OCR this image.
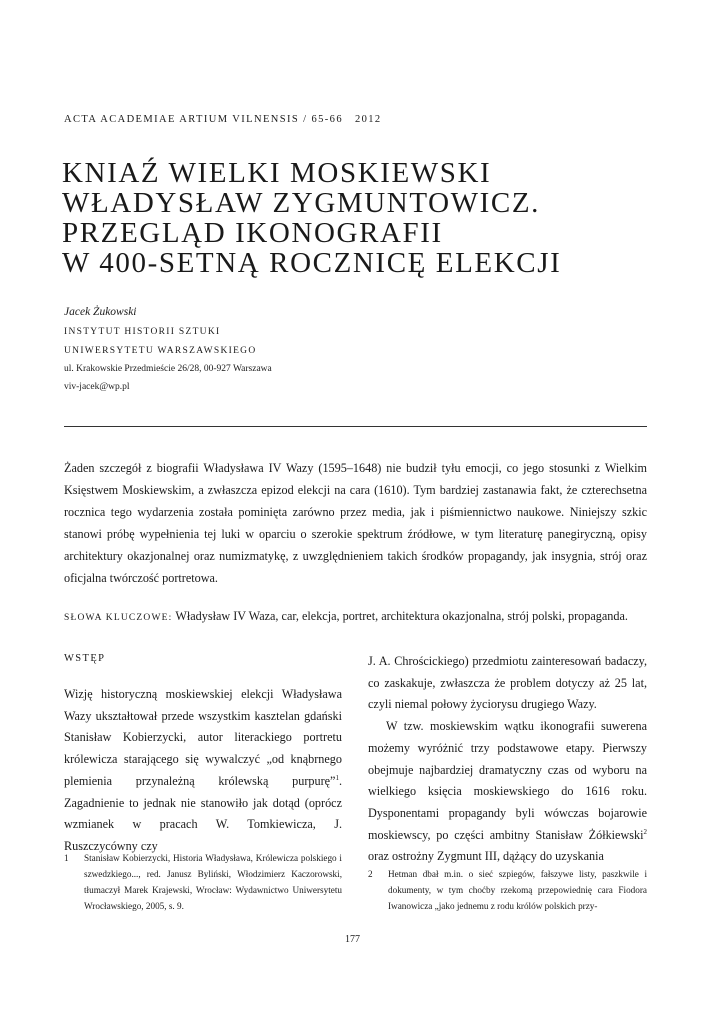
ACTA ACADEMIAE ARTIUM VILNENSIS / 65-66 2012
KNIAŹ WIELKI MOSKIEWSKI
WŁADYSŁAW ZYGMUNTOWICZ.
PRZEGLĄD IKONOGRAFII
W 400-SETNĄ ROCZNICĘ ELEKCJI
Jacek Żukowski
INSTYTUT HISTORII SZTUKI
UNIWERSYTETU WARSZAWSKIEGO
ul. Krakowskie Przedmieście 26/28, 00-927 Warszawa
viv-jacek@wp.pl

Żaden szczegół z biografii Władysława IV Wazy (1595–1648) nie budził tyłu emocji, co jego stosunki z Wielkim Księstwem Moskiewskim, a zwłaszcza epizod elekcji na cara (1610). Tym bardziej zastanawia fakt, że czterechsetna rocznica tego wydarzenia została pominięta zarówno przez media, jak i piśmiennictwo naukowe. Niniejszy szkic stanowi próbę wypełnienia tej luki w oparciu o szerokie spektrum źródłowe, w tym literaturę panegiryczną, opisy architektury okazjonalnej oraz numizmatykę, z uwzględnieniem takich środków propagandy, jak insygnia, strój oraz oficjalna twórczość portretowa.

SŁOWA KLUCZOWE: Władysław IV Waza, car, elekcja, portret, architektura okazjonalna, strój polski, propaganda.
WSTĘP

Wizję historyczną moskiewskiej elekcji Władysława Wazy ukształtował przede wszystkim kasztelan gdański Stanisław Kobierzycki, autor literackiego portretu królewicza starającego się wywalczyć „od knąbrnego plemienia przynależną królewską purpurę”$^1$. Zagadnienie to jednak nie stanowiło jak dotąd (oprócz wzmianek w pracach W. Tomkiewicza, J. Ruszczycówny czy

J. A. Chrościckiego) przedmiotu zainteresowań badaczy, co zaskakuje, zwłaszcza że problem dotyczy aż 25 lat, czyli niemal połowy życiorysu drugiego Wazy.

W tzw. moskiewskim wątku ikonografii suwerena możemy wyróżnić trzy podstawowe etapy. Pierwszy obejmuje najbardziej dramatyczny czas od wyboru na wielkiego księcia moskiewskiego do 1616 roku. Dysponentami propagandy byli wówczas bojarowie moskiewscy, po części ambitny Stanisław Żółkiewski$^2$ oraz ostrożny Zygmunt III, dążący do uzyskania

1 Stanisław Kobierzycki, Historia Władysława, Królewicza polskiego i szwedzkiego..., red. Janusz Byliński, Włodzimierz Kaczorowski, tłumaczył Marek Krajewski, Wrocław: Wydawnictwo Uniwersytetu Wrocławskiego, 2005, s. 9.
2 Hetman dbał m.in. o sieć szpiegów, fałszywe listy, paszkwile i dokumenty, w tym choćby rzekomą przepowiednię cara Fiodora Iwanowicza „jako jednemu z rodu królów polskich przy-
177
